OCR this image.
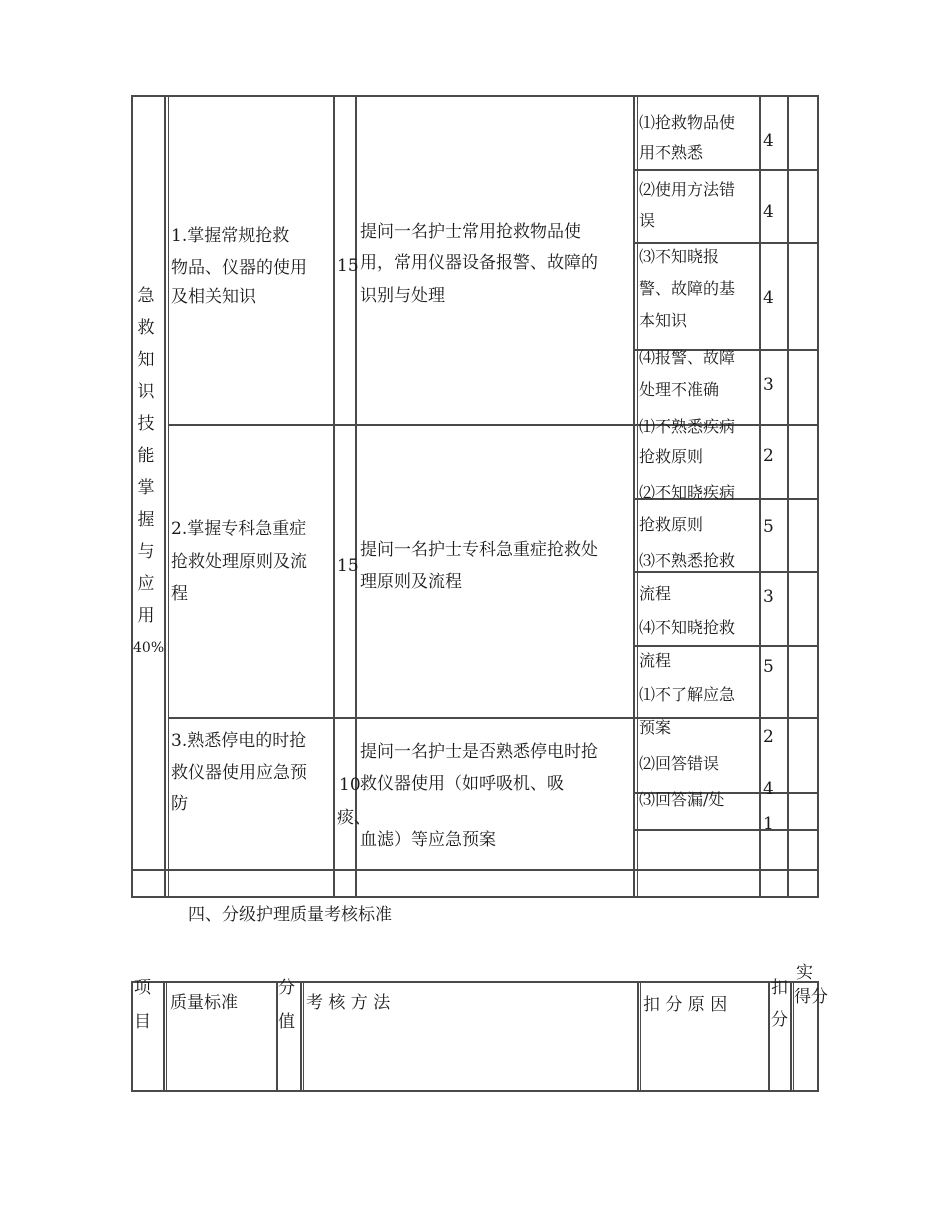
急
救
知
识
技
能
掌
握
与
应
用
40%
1.掌握常规抢救
物品、仪器的使用
及相关知识
15
提问一名护士常用抢救物品使
用，常用仪器设备报警、故障的
识别与处理
2.掌握专科急重症
抢救处理原则及流
程
15
提问一名护士专科急重症抢救处
理原则及流程
3.熟悉停电的时抢
救仪器使用应急预
防
10
痰、
提问一名护士是否熟悉停电时抢
救仪器使用（如呼吸机、吸
血滤）等应急预案
⑴抢救物品使
用不熟悉
⑵使用方法错
误
⑶不知晓报
警、故障的基
本知识
⑷报警、故障
处理不准确
⑴不熟悉疾病
抢救原则
⑵不知晓疾病
抢救原则
⑶不熟悉抢救
流程
⑷不知晓抢救
流程
⑴不了解应急
预案
⑵回答错误
⑶回答漏/处
4
4
4
3
2
5
3
5
2
4
1
四、分级护理质量考核标准
项
目
质量标准
分
值
考 核 方 法	扣 分 原 因
扣
分
实
得分
